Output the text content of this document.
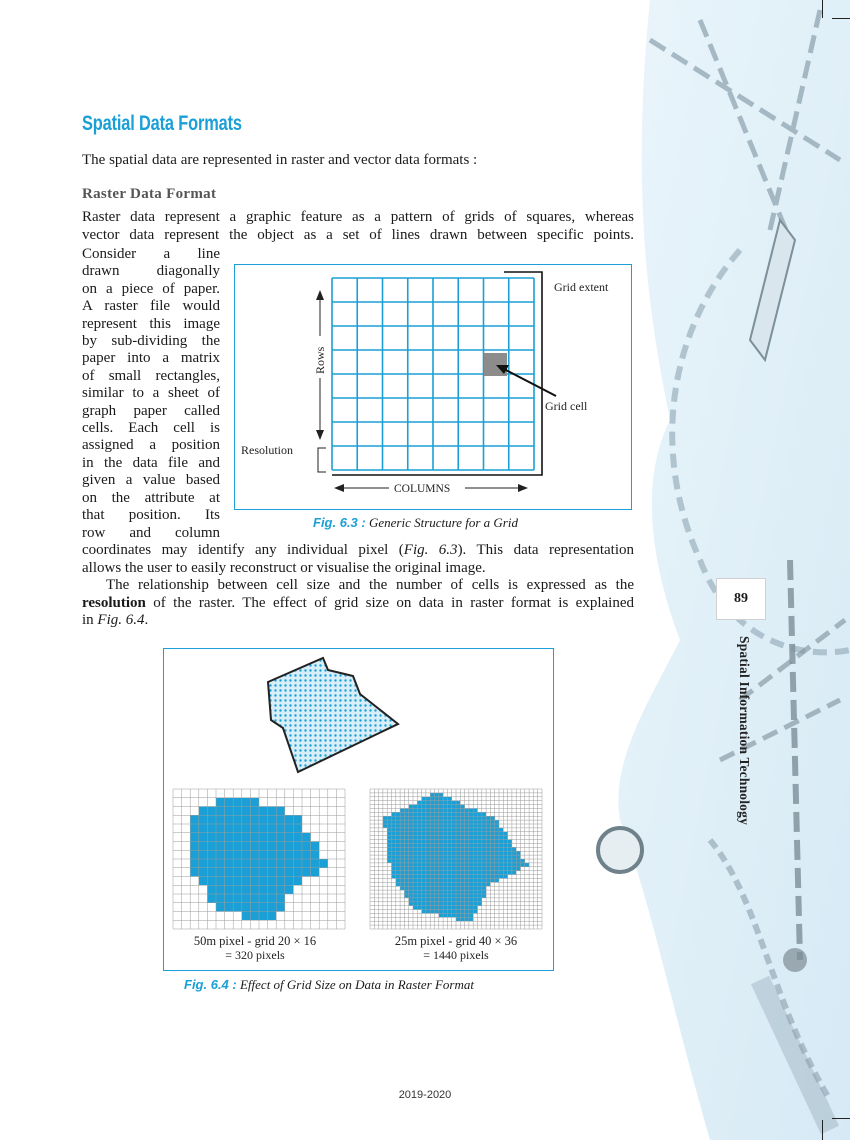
Spatial Data Formats
The spatial data are represented in raster and vector data formats :
Raster Data Format
Raster data represent a graphic feature as a pattern of grids of squares, whereas
vector data represent the object as a set of lines drawn between specific points.
Consider a line
drawn diagonally
on a piece of paper.
A raster file would
represent this image
by sub-dividing the
paper into a matrix
of small rectangles,
similar to a sheet of
graph paper called
cells. Each cell is
assigned a position
in the data file and
given a value based
on the attribute at
that position. Its
row and column
Grid extent
Rows
Grid cell
Resolution
COLUMNS
Fig. 6.3 : Generic Structure for a Grid
coordinates may identify any individual pixel (Fig. 6.3). This data representation
allows the user to easily reconstruct or visualise the original image.
The relationship between cell size and the number of cells is expressed as the
resolution of the raster. The effect of grid size on data in raster format is explained
in Fig. 6.4.
50m pixel - grid 20 × 16
= 320 pixels
25m pixel - grid 40 × 36
= 1440 pixels
Fig. 6.4 : Effect of Grid Size on Data in Raster Format
89
Spatial Information Technology
2019-2020
